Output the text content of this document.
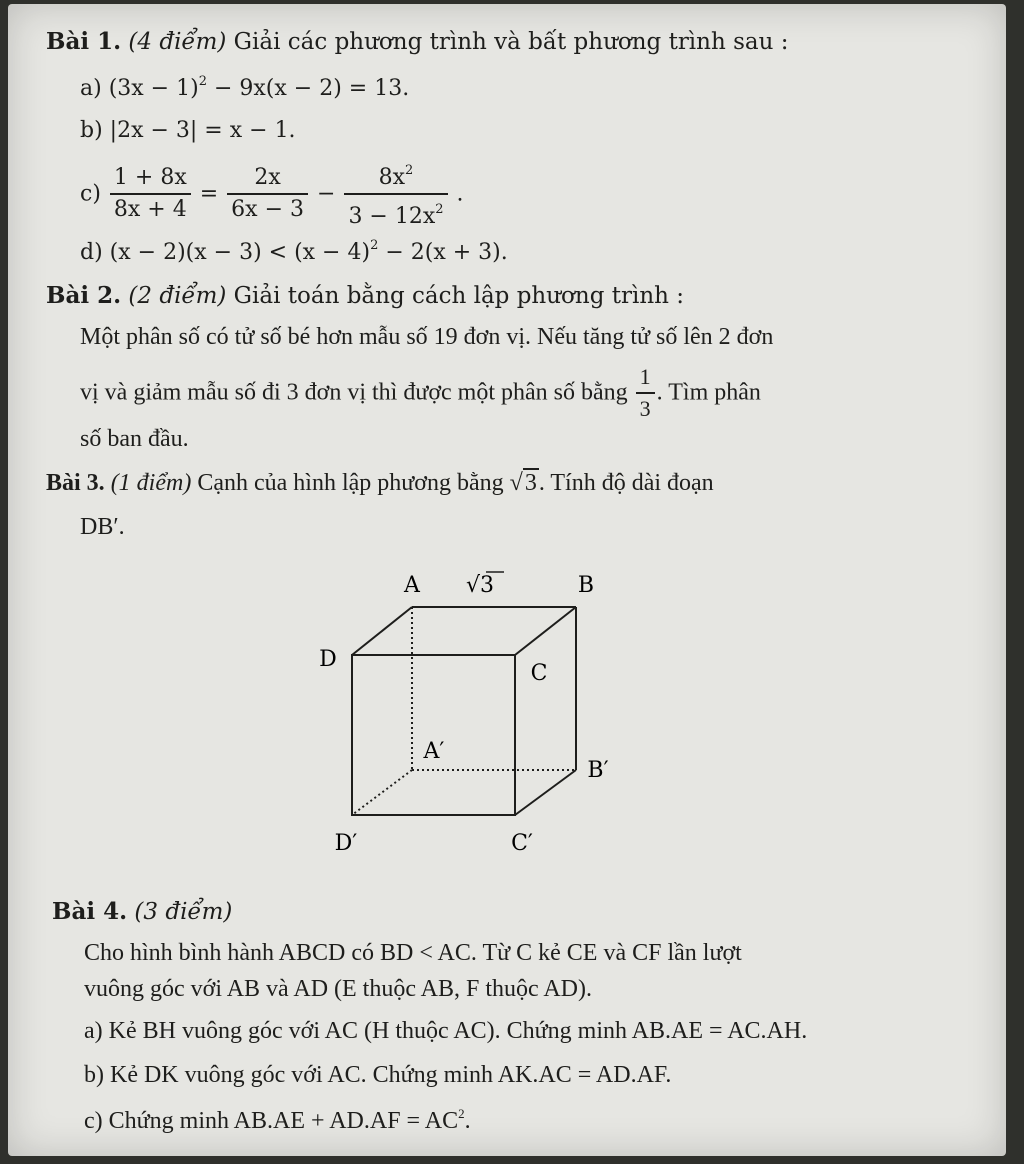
Bài 1. (4 điểm) Giải các phương trình và bất phương trình sau :
a) $(3x - 1)^2 - 9x(x - 2) = 13$.
b) |2x − 3| = x − 1.
$c) \frac{1 + 8x}{8x + 4} = \frac{2x}{6x - 3} - \frac{8x^2}{3 - 12x^2}$ .
d) $(x - 2)(x - 3) < (x - 4)^2 - 2(x + 3)$.
Bài 2. (2 điểm) Giải toán bằng cách lập phương trình :
Một phân số có tử số bé hơn mẫu số 19 đơn vị. Nếu tăng tử số lên 2 đơn
vị và giảm mẫu số đi 3 đơn vị thì được một phân số bằng $\frac{1}{3}$ . Tìm phân
số ban đầu.
Bài 3. (1 điểm) Cạnh của hình lập phương bằng √3. Tính độ dài đoạn
DB′.
A √3	B
D
C
A′
B′
D′	C′
Bài 4. (3 điểm)
Cho hình bình hành ABCD có BD < AC. Từ C kẻ CE và CF lần lượt
vuông góc với AB và AD (E thuộc AB, F thuộc AD).
a) Kẻ BH vuông góc với AC (H thuộc AC). Chứng minh AB.AE = AC.AH.
b) Kẻ DK vuông góc với AC. Chứng minh AK.AC = AD.AF.
c) Chứng minh $AB.AE + AD.AF = AC^2$.
